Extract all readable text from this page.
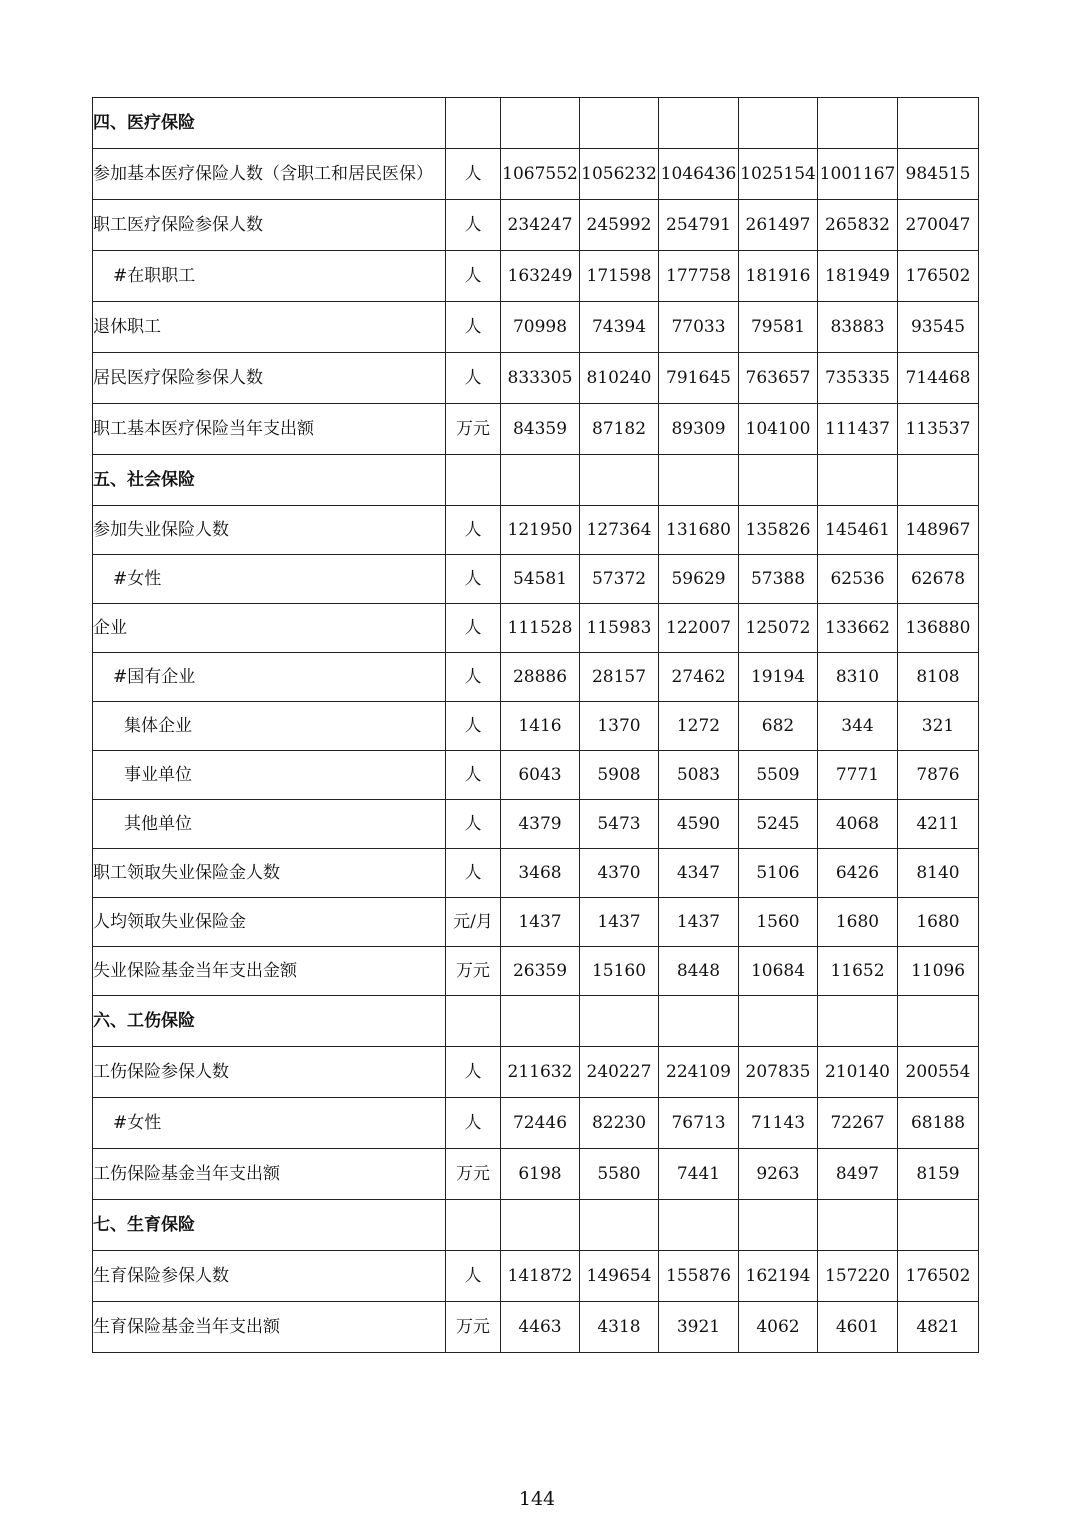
四、医疗保险							
参加基本医疗保险人数（含职工和居民医保）	人	1067552	1056232	1046436	1025154	1001167	984515
职工医疗保险参保人数	人	234247	245992	254791	261497	265832	270047
#在职职工	人	163249	171598	177758	181916	181949	176502
退休职工	人	70998	74394	77033	79581	83883	93545
居民医疗保险参保人数	人	833305	810240	791645	763657	735335	714468
职工基本医疗保险当年支出额	万元	84359	87182	89309	104100	111437	113537
五、社会保险							
参加失业保险人数	人	121950	127364	131680	135826	145461	148967
#女性	人	54581	57372	59629	57388	62536	62678
企业	人	111528	115983	122007	125072	133662	136880
#国有企业	人	28886	28157	27462	19194	8310	8108
集体企业	人	1416	1370	1272	682	344	321
事业单位	人	6043	5908	5083	5509	7771	7876
其他单位	人	4379	5473	4590	5245	4068	4211
职工领取失业保险金人数	人	3468	4370	4347	5106	6426	8140
人均领取失业保险金	元/月	1437	1437	1437	1560	1680	1680
失业保险基金当年支出金额	万元	26359	15160	8448	10684	11652	11096
六、工伤保险							
工伤保险参保人数	人	211632	240227	224109	207835	210140	200554
#女性	人	72446	82230	76713	71143	72267	68188
工伤保险基金当年支出额	万元	6198	5580	7441	9263	8497	8159
七、生育保险							
生育保险参保人数	人	141872	149654	155876	162194	157220	176502
生育保险基金当年支出额	万元	4463	4318	3921	4062	4601	4821
144
